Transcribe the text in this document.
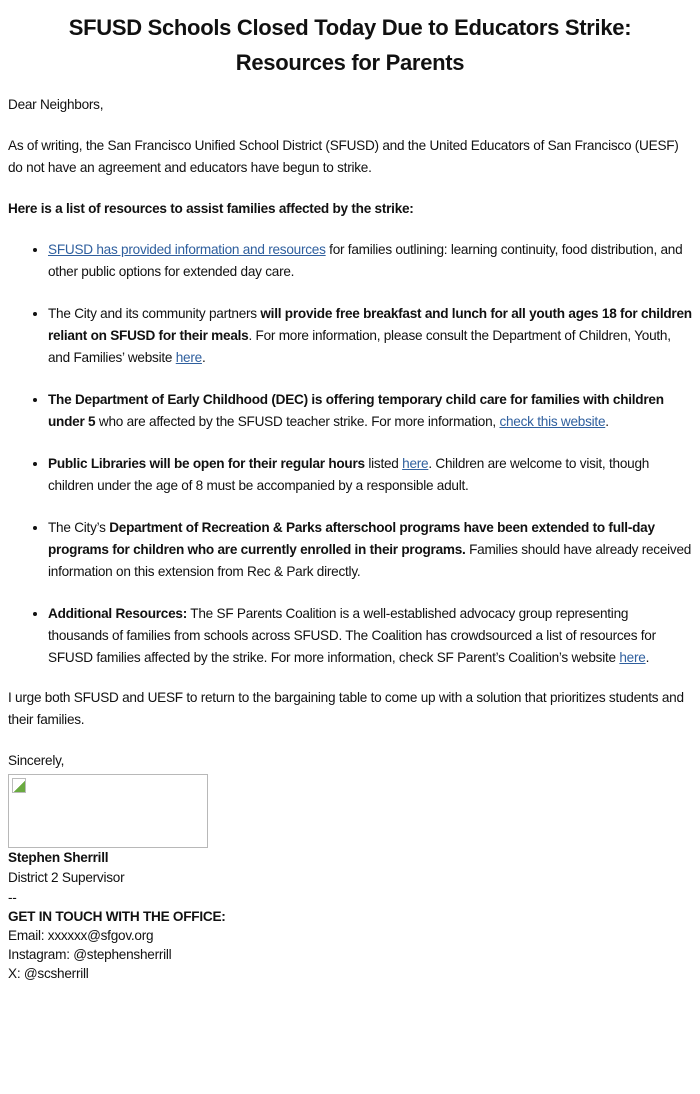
SFUSD Schools Closed Today Due to Educators Strike:
Resources for Parents

Dear Neighbors,

As of writing, the San Francisco Unified School District (SFUSD) and the United Educators of San Francisco (UESF) do not have an agreement and educators have begun to strike.

Here is a list of resources to assist families affected by the strike:

• SFUSD has provided information and resources for families outlining: learning continuity, food distribution, and other public options for extended day care.
• The City and its community partners will provide free breakfast and lunch for all youth ages 18 for children reliant on SFUSD for their meals. For more information, please consult the Department of Children, Youth, and Families’ website here.
• The Department of Early Childhood (DEC) is offering temporary child care for families with children under 5 who are affected by the SFUSD teacher strike. For more information, check this website.
• Public Libraries will be open for their regular hours listed here. Children are welcome to visit, though children under the age of 8 must be accompanied by a responsible adult.
• The City’s Department of Recreation & Parks afterschool programs have been extended to full-day programs for children who are currently enrolled in their programs. Families should have already received information on this extension from Rec & Park directly.
• Additional Resources: The SF Parents Coalition is a well-established advocacy group representing thousands of families from schools across SFUSD. The Coalition has crowdsourced a list of resources for SFUSD families affected by the strike. For more information, check SF Parent’s Coalition’s website here.

I urge both SFUSD and UESF to return to the bargaining table to come up with a solution that prioritizes students and their families.

Sincerely,

Stephen Sherrill

District 2 Supervisor

--

GET IN TOUCH WITH THE OFFICE:

Email: xxxxxx@sfgov.org

Instagram: @stephensherrill

X: @scsherrill
